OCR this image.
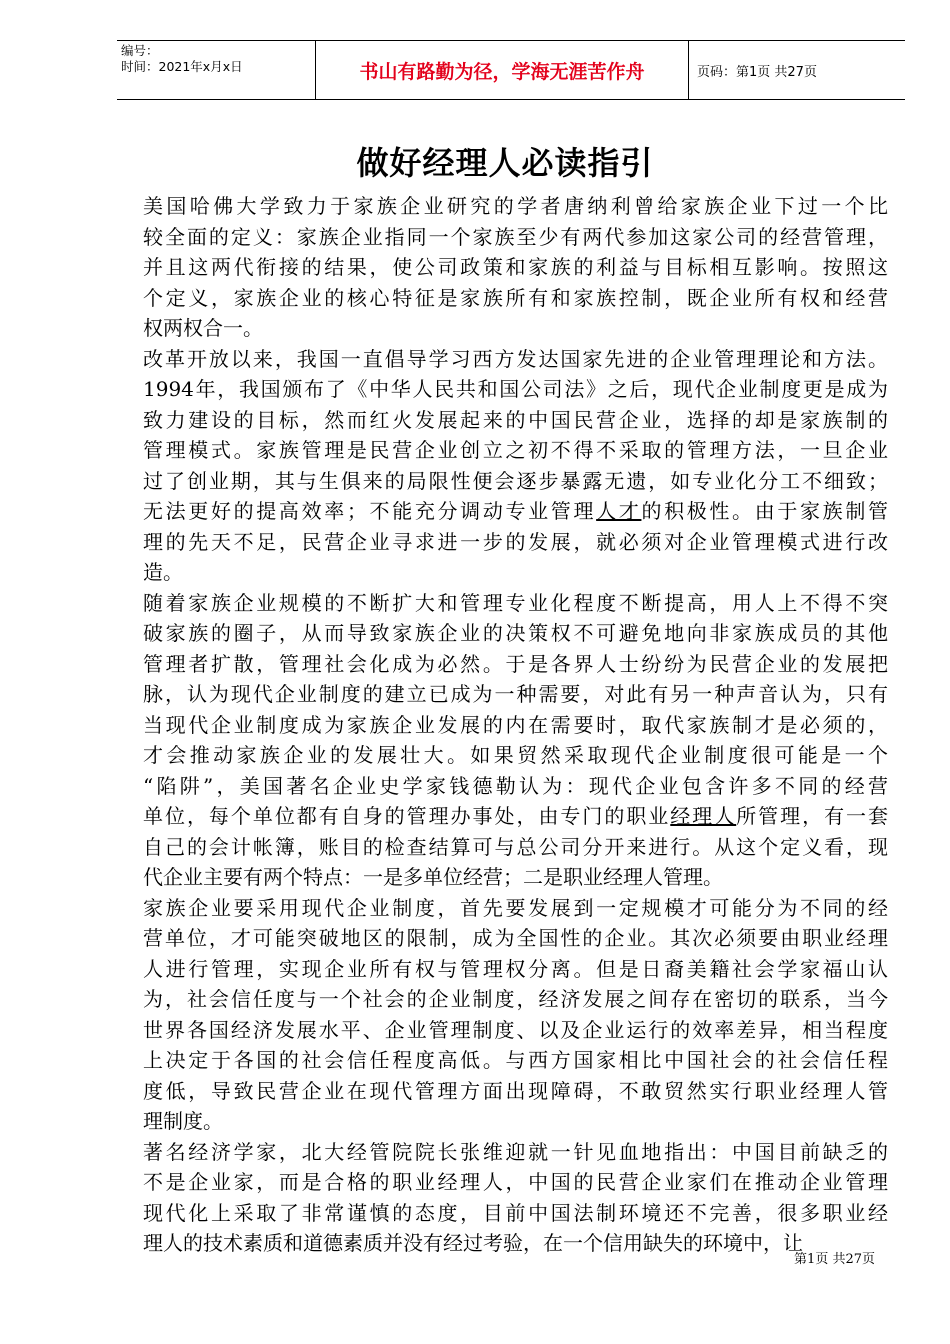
编号：
时间：2021年x月x日	书山有路勤为径，学海无涯苦作舟	页码：第1页 共27页
做好经理人必读指引
美国哈佛大学致力于家族企业研究的学者唐纳利曾给家族企业下过一个比
较全面的定义：家族企业指同一个家族至少有两代参加这家公司的经营管理，
并且这两代衔接的结果，使公司政策和家族的利益与目标相互影响。按照这
个定义，家族企业的核心特征是家族所有和家族控制，既企业所有权和经营
权两权合一。
改革开放以来，我国一直倡导学习西方发达国家先进的企业管理理论和方法。
1994年，我国颁布了《中华人民共和国公司法》之后，现代企业制度更是成为
致力建设的目标，然而红火发展起来的中国民营企业，选择的却是家族制的
管理模式。家族管理是民营企业创立之初不得不采取的管理方法，一旦企业
过了创业期，其与生俱来的局限性便会逐步暴露无遗，如专业化分工不细致；
无法更好的提高效率；不能充分调动专业管理人才的积极性。由于家族制管
理的先天不足，民营企业寻求进一步的发展，就必须对企业管理模式进行改
造。
随着家族企业规模的不断扩大和管理专业化程度不断提高，用人上不得不突
破家族的圈子，从而导致家族企业的决策权不可避免地向非家族成员的其他
管理者扩散，管理社会化成为必然。于是各界人士纷纷为民营企业的发展把
脉，认为现代企业制度的建立已成为一种需要，对此有另一种声音认为，只有
当现代企业制度成为家族企业发展的内在需要时，取代家族制才是必须的，
才会推动家族企业的发展壮大。如果贸然采取现代企业制度很可能是一个
“陷阱”，美国著名企业史学家钱德勒认为：现代企业包含许多不同的经营
单位，每个单位都有自身的管理办事处，由专门的职业经理人所管理，有一套
自己的会计帐簿，账目的检查结算可与总公司分开来进行。从这个定义看，现
代企业主要有两个特点：一是多单位经营；二是职业经理人管理。
家族企业要采用现代企业制度，首先要发展到一定规模才可能分为不同的经
营单位，才可能突破地区的限制，成为全国性的企业。其次必须要由职业经理
人进行管理，实现企业所有权与管理权分离。但是日裔美籍社会学家福山认
为，社会信任度与一个社会的企业制度，经济发展之间存在密切的联系，当今
世界各国经济发展水平、企业管理制度、以及企业运行的效率差异，相当程度
上决定于各国的社会信任程度高低。与西方国家相比中国社会的社会信任程
度低，导致民营企业在现代管理方面出现障碍，不敢贸然实行职业经理人管
理制度。
著名经济学家，北大经管院院长张维迎就一针见血地指出：中国目前缺乏的
不是企业家，而是合格的职业经理人，中国的民营企业家们在推动企业管理
现代化上采取了非常谨慎的态度，目前中国法制环境还不完善，很多职业经
理人的技术素质和道德素质并没有经过考验，在一个信用缺失的环境中，让
第1页 共27页
